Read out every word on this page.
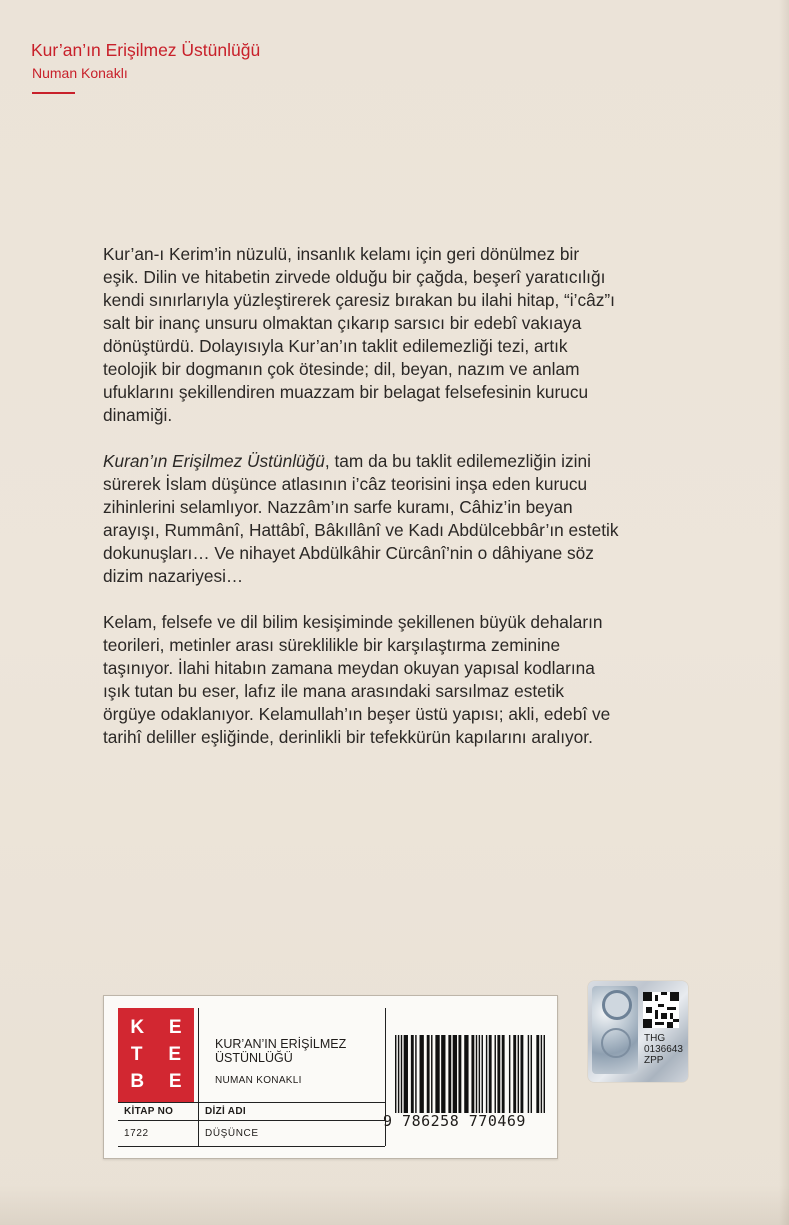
Kur’an’ın Erişilmez Üstünlüğü
Numan Konaklı

Kur’an-ı Kerim’in nüzulü, insanlık kelamı için geri dönülmez bir
eşik. Dilin ve hitabetin zirvede olduğu bir çağda, beşerî yaratıcılığı
kendi sınırlarıyla yüzleştirerek çaresiz bırakan bu ilahi hitap, “i’câz”ı
salt bir inanç unsuru olmaktan çıkarıp sarsıcı bir edebî vakıaya
dönüştürdü. Dolayısıyla Kur’an’ın taklit edilemezliği tezi, artık
teolojik bir dogmanın çok ötesinde; dil, beyan, nazım ve anlam
ufuklarını şekillendiren muazzam bir belagat felsefesinin kurucu
dinamiği.

Kuran’ın Erişilmez Üstünlüğü, tam da bu taklit edilemezliğin izini
sürerek İslam düşünce atlasının i’câz teorisini inşa eden kurucu
zihinlerini selamlıyor. Nazzâm’ın sarfe kuramı, Câhiz’in beyan
arayışı, Rummânî, Hattâbî, Bâkıllânî ve Kadı Abdülcebbâr’ın estetik
dokunuşları… Ve nihayet Abdülkâhir Cürcânî’nin o dâhiyane söz
dizim nazariyesi…

Kelam, felsefe ve dil bilim kesişiminde şekillenen büyük dehaların
teorileri, metinler arası süreklilikle bir karşılaştırma zeminine
taşınıyor. İlahi hitabın zamana meydan okuyan yapısal kodlarına
ışık tutan bu eser, lafız ile mana arasındaki sarsılmaz estetik
örgüye odaklanıyor. Kelamullah’ın beşer üstü yapısı; akli, edebî ve
tarihî deliller eşliğinde, derinlikli bir tefekkürün kapılarını aralıyor.

K E
T E
B E
KUR’AN’IN ERİŞİLMEZ
ÜSTÜNLÜĞÜ
NUMAN KONAKLI
KİTAP NO	DİZİ ADI
1722	DÜŞÜNCE
9 786258 770469
THG
0136643
ZPP
